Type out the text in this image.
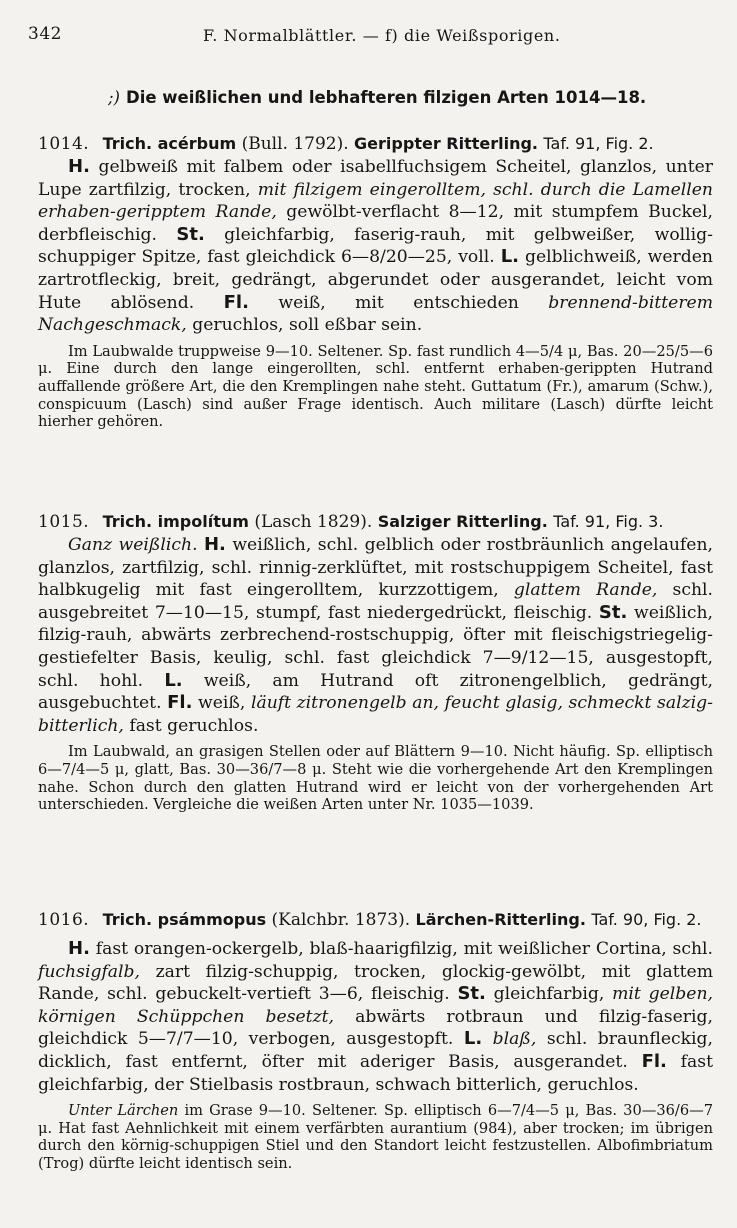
342	F. Normalblättler. — f) die Weißsporigen.
;) Die weißlichen und lebhafteren filzigen Arten 1014—18.

1014. Trich. acérbum (Bull. 1792). Gerippter Ritterling. Taf. 91, Fig. 2.

H. gelbweiß mit falbem oder isabellfuchsigem Scheitel, glanzlos, unter Lupe zartfilzig, trocken, mit filzigem eingerolltem, schl. durch die Lamellen erhaben-geripptem Rande, gewölbt-verflacht 8—12, mit stumpfem Buckel, derbfleischig. St. gleichfarbig, faserig-rauh, mit gelbweißer, wollig-schuppiger Spitze, fast gleichdick 6—8/20—25, voll. L. gelblichweiß, werden zartrotfleckig, breit, gedrängt, abgerundet oder ausgerandet, leicht vom Hute ablösend. Fl. weiß, mit entschieden brennend-bitterem Nachgeschmack, geruchlos, soll eßbar sein.

Im Laubwalde truppweise 9—10. Seltener. Sp. fast rundlich 4—5/4 μ, Bas. 20—25/5—6 μ. Eine durch den lange eingerollten, schl. entfernt erhaben-gerippten Hutrand auffallende größere Art, die den Kremplingen nahe steht. Guttatum (Fr.), amarum (Schw.), conspicuum (Lasch) sind außer Frage identisch. Auch militare (Lasch) dürfte leicht hierher gehören.

1015. Trich. impolítum (Lasch 1829). Salziger Ritterling. Taf. 91, Fig. 3.

Ganz weißlich. H. weißlich, schl. gelblich oder rostbräunlich angelaufen, glanzlos, zartfilzig, schl. rinnig-zerklüftet, mit rostschuppigem Scheitel, fast halbkugelig mit fast eingerolltem, kurzzottigem, glattem Rande, schl. ausgebreitet 7—10—15, stumpf, fast niedergedrückt, fleischig. St. weißlich, filzig-rauh, abwärts zerbrechend-rostschuppig, öfter mit fleischigstriegelig-gestiefelter Basis, keulig, schl. fast gleichdick 7—9/12—15, ausgestopft, schl. hohl. L. weiß, am Hutrand oft zitronengelblich, gedrängt, ausgebuchtet. Fl. weiß, läuft zitronengelb an, feucht glasig, schmeckt salzig-bitterlich, fast geruchlos.

Im Laubwald, an grasigen Stellen oder auf Blättern 9—10. Nicht häufig. Sp. elliptisch 6—7/4—5 μ, glatt, Bas. 30—36/7—8 μ. Steht wie die vorhergehende Art den Kremplingen nahe. Schon durch den glatten Hutrand wird er leicht von der vorhergehenden Art unterschieden. Vergleiche die weißen Arten unter Nr. 1035—1039.

1016. Trich. psámmopus (Kalchbr. 1873). Lärchen-Ritterling. Taf. 90, Fig. 2.

H. fast orangen-ockergelb, blaß-haarigfilzig, mit weißlicher Cortina, schl. fuchsigfalb, zart filzig-schuppig, trocken, glockig-gewölbt, mit glattem Rande, schl. gebuckelt-vertieft 3—6, fleischig. St. gleichfarbig, mit gelben, körnigen Schüppchen besetzt, abwärts rotbraun und filzig-faserig, gleichdick 5—7/7—10, verbogen, ausgestopft. L. blaß, schl. braunfleckig, dicklich, fast entfernt, öfter mit aderiger Basis, ausgerandet. Fl. fast gleichfarbig, der Stielbasis rostbraun, schwach bitterlich, geruchlos.

Unter Lärchen im Grase 9—10. Seltener. Sp. elliptisch 6—7/4—5 μ, Bas. 30—36/6—7 μ. Hat fast Aehnlichkeit mit einem verfärbten aurantium (984), aber trocken; im übrigen durch den körnig-schuppigen Stiel und den Standort leicht festzustellen. Albofimbriatum (Trog) dürfte leicht identisch sein.
